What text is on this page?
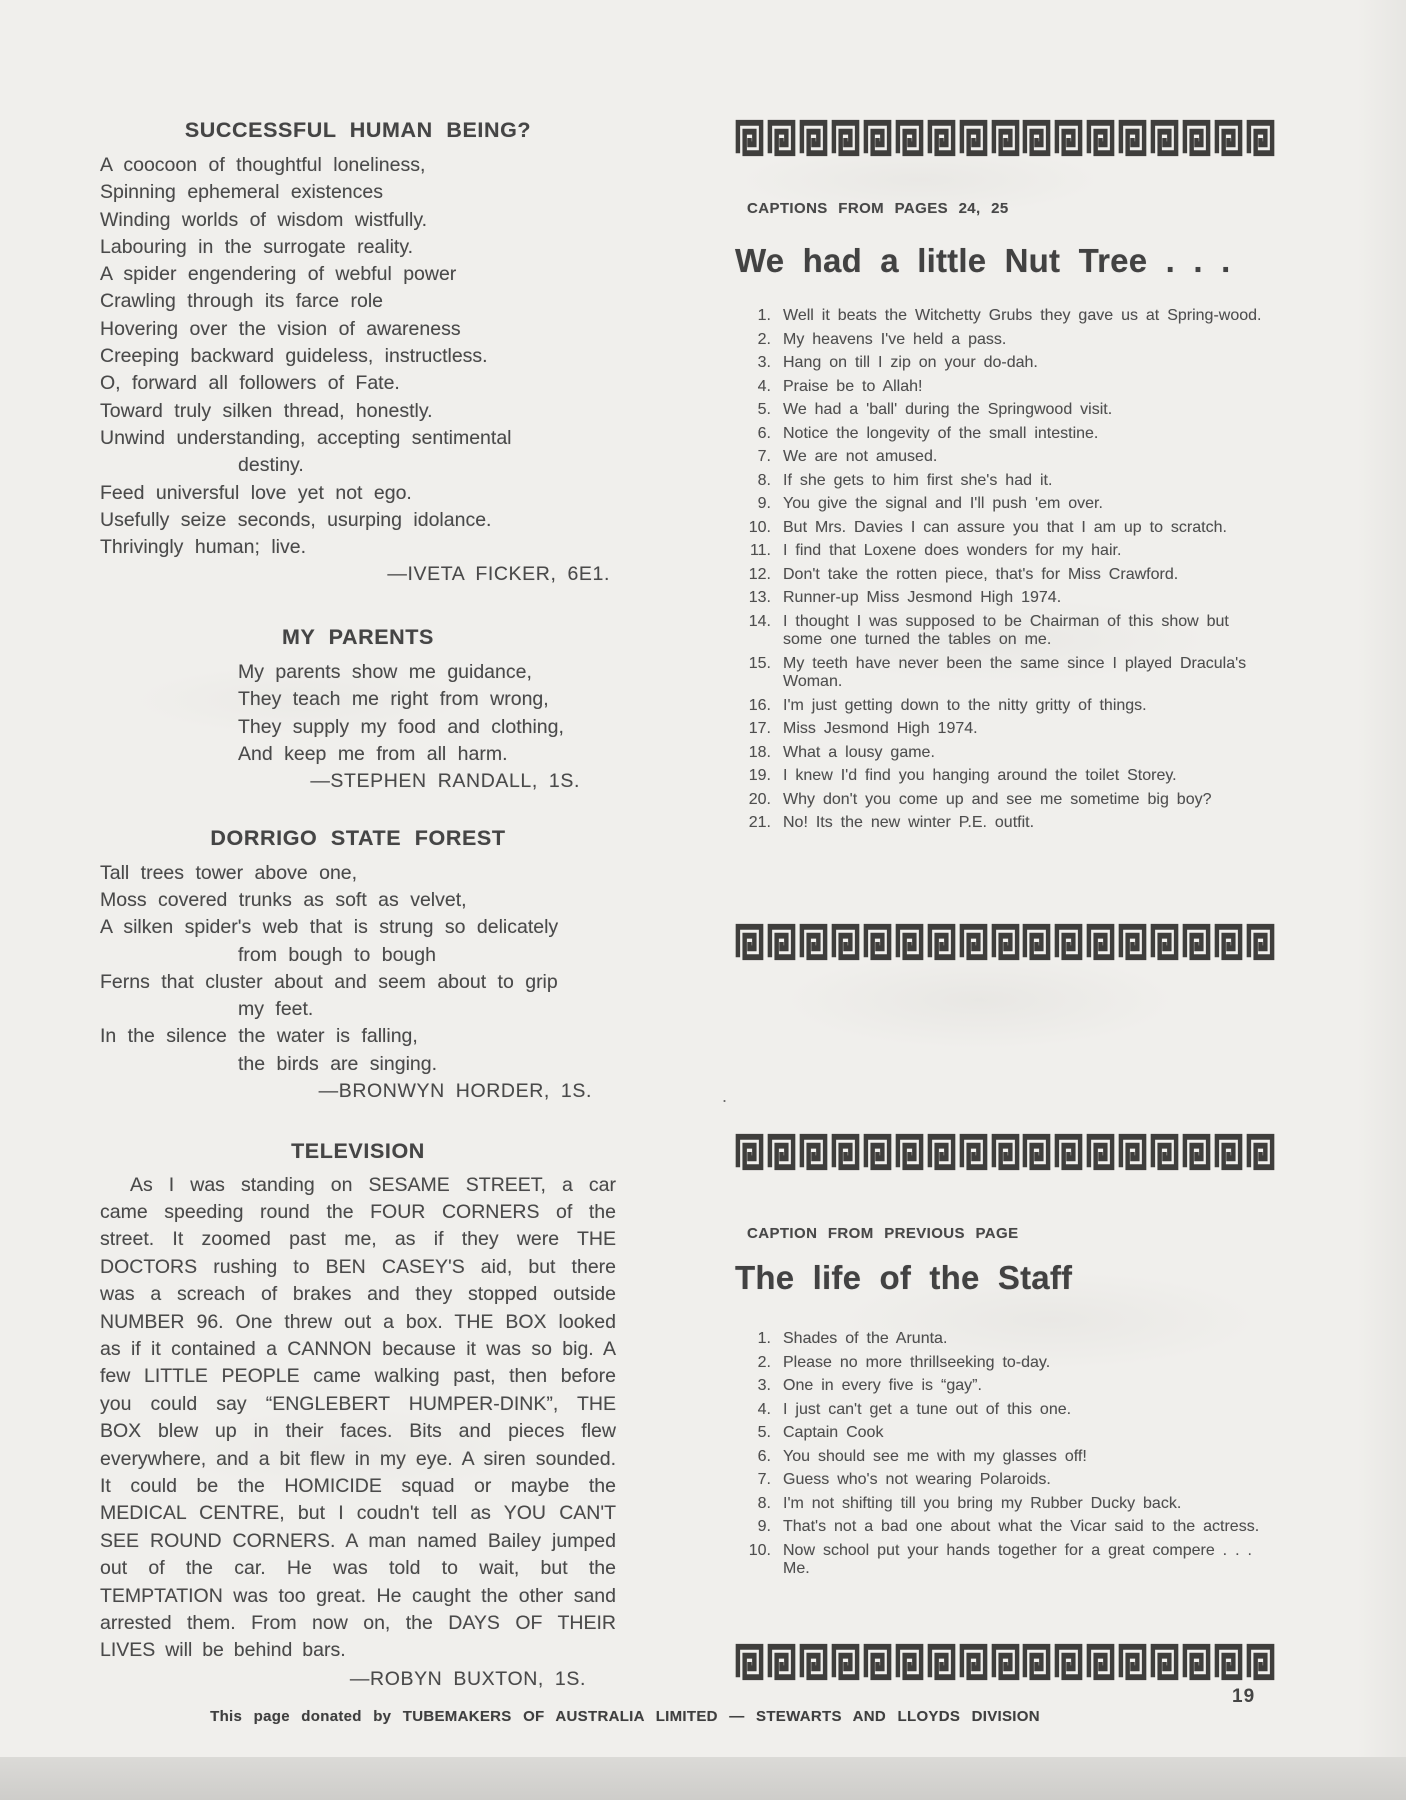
SUCCESSFUL HUMAN BEING?
A coocoon of thoughtful loneliness,
Spinning ephemeral existences
Winding worlds of wisdom wistfully.
Labouring in the surrogate reality.
A spider engendering of webful power
Crawling through its farce role
Hovering over the vision of awareness
Creeping backward guideless, instructless.
O, forward all followers of Fate.
Toward truly silken thread, honestly.
Unwind understanding, accepting sentimental
destiny.
Feed universful love yet not ego.
Usefully seize seconds, usurping idolance.
Thrivingly human; live.
—IVETA FICKER, 6E1.
MY PARENTS
My parents show me guidance,
They teach me right from wrong,
They supply my food and clothing,
And keep me from all harm.
—STEPHEN RANDALL, 1S.
DORRIGO STATE FOREST
Tall trees tower above one,
Moss covered trunks as soft as velvet,
A silken spider's web that is strung so delicately
from bough to bough
Ferns that cluster about and seem about to grip
my feet.
In the silence the water is falling,
the birds are singing.
—BRONWYN HORDER, 1S.
TELEVISION
As I was standing on SESAME STREET, a car came speeding round the FOUR CORNERS of the street. It zoomed past me, as if they were THE DOCTORS rushing to BEN CASEY'S aid, but there was a screach of brakes and they stopped outside NUMBER 96. One threw out a box. THE BOX looked as if it contained a CANNON because it was so big. A few LITTLE PEOPLE came walking past, then before you could say “ENGLEBERT HUMPER-DINK”, THE BOX blew up in their faces. Bits and pieces flew everywhere, and a bit flew in my eye. A siren sounded. It could be the HOMICIDE squad or maybe the MEDICAL CENTRE, but I coudn't tell as YOU CAN'T SEE ROUND CORNERS. A man named Bailey jumped out of the car. He was told to wait, but the TEMPTATION was too great. He caught the other sand arrested them. From now on, the DAYS OF THEIR LIVES will be behind bars.
—ROBYN BUXTON, 1S.
CAPTIONS FROM PAGES 24, 25
We had a little Nut Tree . . .
1. Well it beats the Witchetty Grubs they gave us at Spring-wood.
2. My heavens I've held a pass.
3. Hang on till I zip on your do-dah.
4. Praise be to Allah!
5. We had a 'ball' during the Springwood visit.
6. Notice the longevity of the small intestine.
7. We are not amused.
8. If she gets to him first she's had it.
9. You give the signal and I'll push 'em over.
10. But Mrs. Davies I can assure you that I am up to scratch.
11. I find that Loxene does wonders for my hair.
12. Don't take the rotten piece, that's for Miss Crawford.
13. Runner-up Miss Jesmond High 1974.
14. I thought I was supposed to be Chairman of this show but some one turned the tables on me.
15. My teeth have never been the same since I played Dracula's Woman.
16. I'm just getting down to the nitty gritty of things.
17. Miss Jesmond High 1974.
18. What a lousy game.
19. I knew I'd find you hanging around the toilet Storey.
20. Why don't you come up and see me sometime big boy?
21. No! Its the new winter P.E. outfit.
CAPTION FROM PREVIOUS PAGE
The life of the Staff
1. Shades of the Arunta.
2. Please no more thrillseeking to-day.
3. One in every five is “gay”.
4. I just can't get a tune out of this one.
5. Captain Cook
6. You should see me with my glasses off!
7. Guess who's not wearing Polaroids.
8. I'm not shifting till you bring my Rubber Ducky back.
9. That's not a bad one about what the Vicar said to the actress.
10. Now school put your hands together for a great compere . . . Me.
.
This page donated by TUBEMAKERS OF AUSTRALIA LIMITED — STEWARTS AND LLOYDS DIVISION
19
